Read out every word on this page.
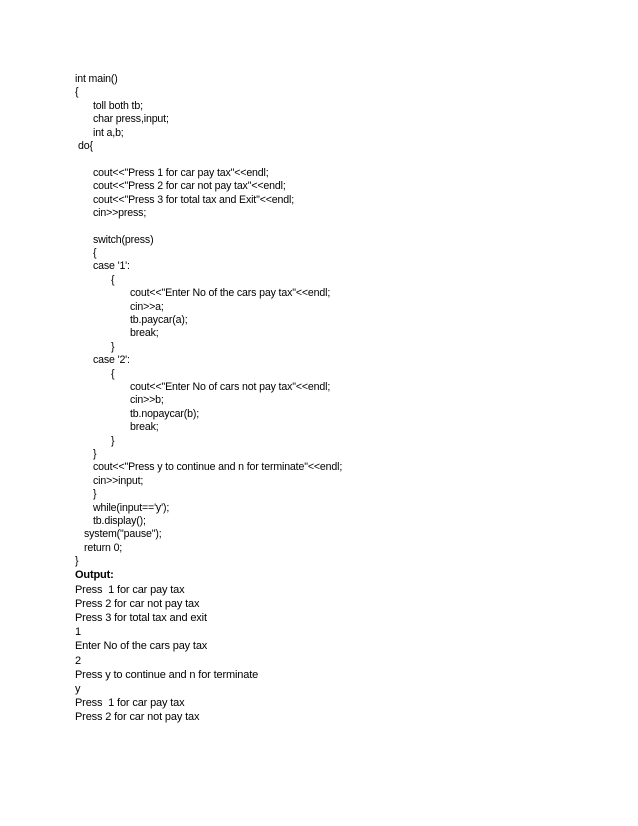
int main()
{
toll both tb;
char press,input;
int a,b;
do{
cout<<"Press 1 for car pay tax"<<endl;
cout<<"Press 2 for car not pay tax"<<endl;
cout<<"Press 3 for total tax and Exit"<<endl;
cin>>press;
switch(press)
{
case '1':
{
cout<<"Enter No of the cars pay tax"<<endl;
cin>>a;
tb.paycar(a);
break;
}
case '2':
{
cout<<"Enter No of cars not pay tax"<<endl;
cin>>b;
tb.nopaycar(b);
break;
}
}
cout<<"Press y to continue and n for terminate"<<endl;
cin>>input;
}
while(input=='y');
tb.display();
system("pause");
return 0;
}
Output:
Press  1 for car pay tax
Press 2 for car not pay tax
Press 3 for total tax and exit
1
Enter No of the cars pay tax
2
Press y to continue and n for terminate
y
Press  1 for car pay tax
Press 2 for car not pay tax
